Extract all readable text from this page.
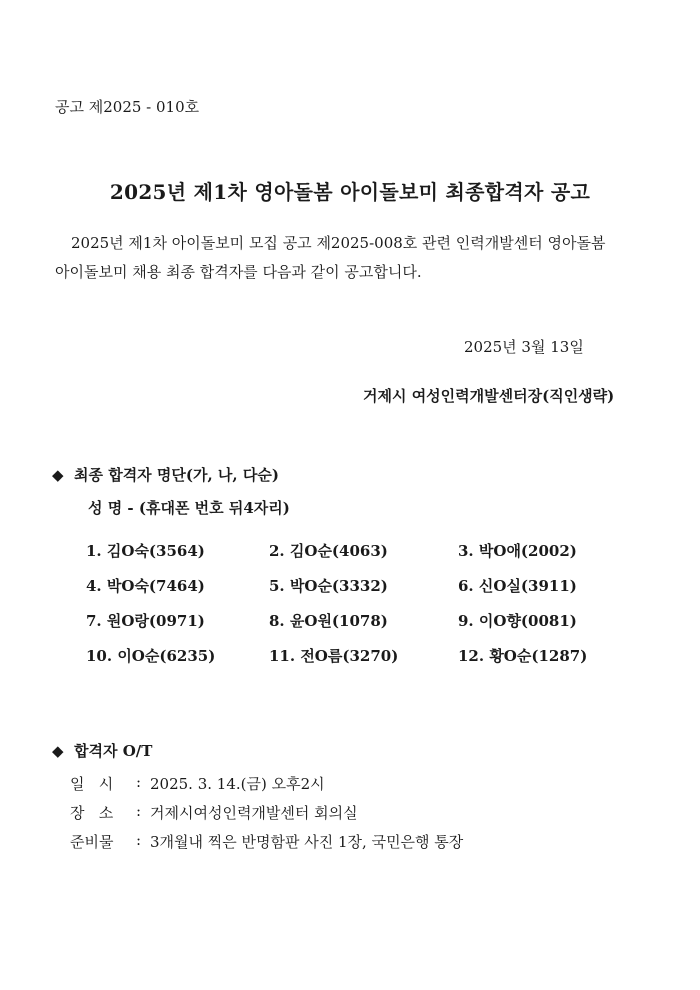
공고 제2025 - 010호
2025년 제1차 영아돌봄 아이돌보미 최종합격자 공고
2025년 제1차 아이돌보미 모집 공고 제2025-008호 관련 인력개발센터 영아돌봄
아이돌보미 채용 최종 합격자를 다음과 같이 공고합니다.
2025년 3월 13일
거제시 여성인력개발센터장(직인생략)
◆ 최종 합격자 명단(가, 나, 다순)
성 명 - (휴대폰 번호 뒤4자리)
1. 김O숙(3564)	2. 김O순(4063)	3. 박O애(2002)
4. 박O숙(7464)	5. 박O순(3332)	6. 신O실(3911)
7. 원O랑(0971)	8. 윤O원(1078)	9. 이O향(0081)
10. 이O순(6235)	11. 전O름(3270)	12. 황O순(1287)
◆ 합격자 O/T
일   시	: 2025. 3. 14.(금) 오후2시
장   소	: 거제시여성인력개발센터 회의실
준비물	: 3개월내 찍은 반명함판 사진 1장, 국민은행 통장
